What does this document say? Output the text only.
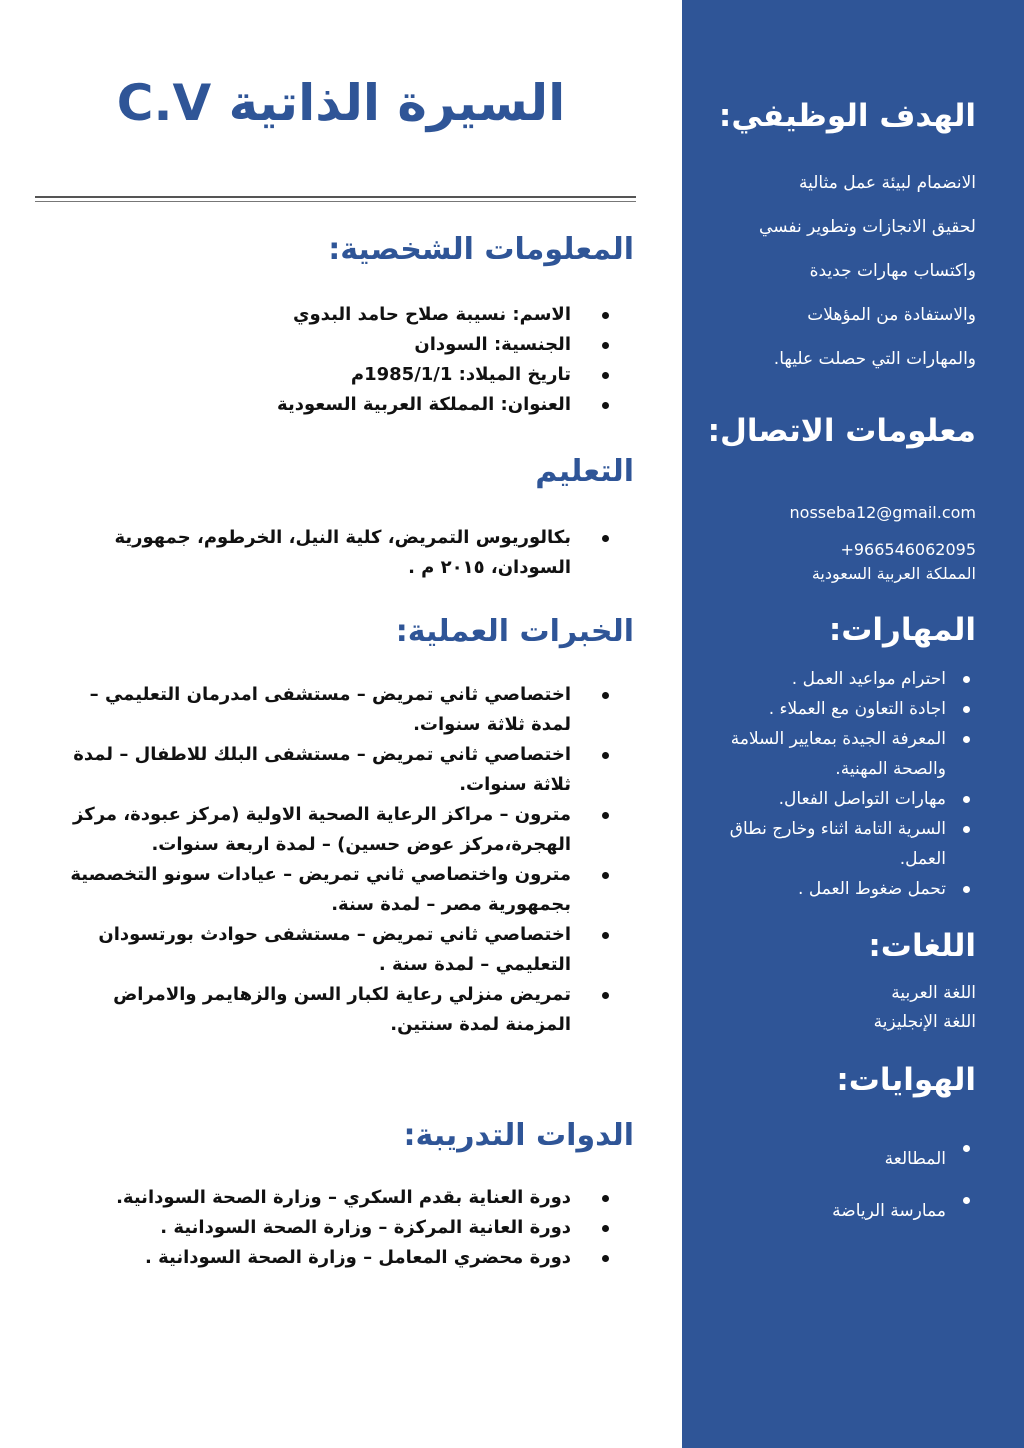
السيرة الذاتية C.V
المعلومات الشخصية:
الاسم: نسيبة صلاح حامد البدوي
الجنسية: السودان
تاريخ الميلاد: 1985/1/1م
العنوان: المملكة العربية السعودية
التعليم
بكالوريوس التمريض، كلية النيل، الخرطوم، جمهورية السودان، ٢٠١٥ م .
الخبرات العملية:
اختصاصي ثاني تمريض – مستشفى امدرمان التعليمي – لمدة ثلاثة سنوات.
اختصاصي ثاني تمريض – مستشفى البلك للاطفال – لمدة ثلاثة سنوات.
مترون – مراكز الرعاية الصحية الاولية (مركز عبودة، مركز الهجرة،مركز عوض حسين) – لمدة اربعة سنوات.
مترون واختصاصي ثاني تمريض – عيادات سونو التخصصية بجمهورية مصر – لمدة سنة.
اختصاصي ثاني تمريض – مستشفى حوادث بورتسودان التعليمي – لمدة سنة .
تمريض منزلي رعاية لكبار السن والزهايمر والامراض المزمنة لمدة سنتين.
الدوات التدريبة:
دورة العناية بقدم السكري – وزارة الصحة السودانية.
دورة العانية المركزة – وزارة الصحة السودانية .
دورة محضري المعامل – وزارة الصحة السودانية .
الهدف الوظيفي:

الانضمام لبيئة عمل مثالية

لحقيق الانجازات وتطوير نفسي

واكتساب مهارات جديدة

والاستفادة من المؤهلات

والمهارات التي حصلت عليها.

معلومات الاتصال:

nosseba12@gmail.com

+966546062095

المملكة العربية السعودية

المهارات:
احترام مواعيد العمل .
اجادة التعاون مع العملاء .
المعرفة الجيدة بمعايير السلامة والصحة المهنية.
مهارات التواصل الفعال.
السرية التامة اثناء وخارج نطاق العمل.
تحمل ضغوط العمل .
اللغات:

اللغة العربية

اللغة الإنجليزية

الهوايات:
المطالعة
ممارسة الرياضة
